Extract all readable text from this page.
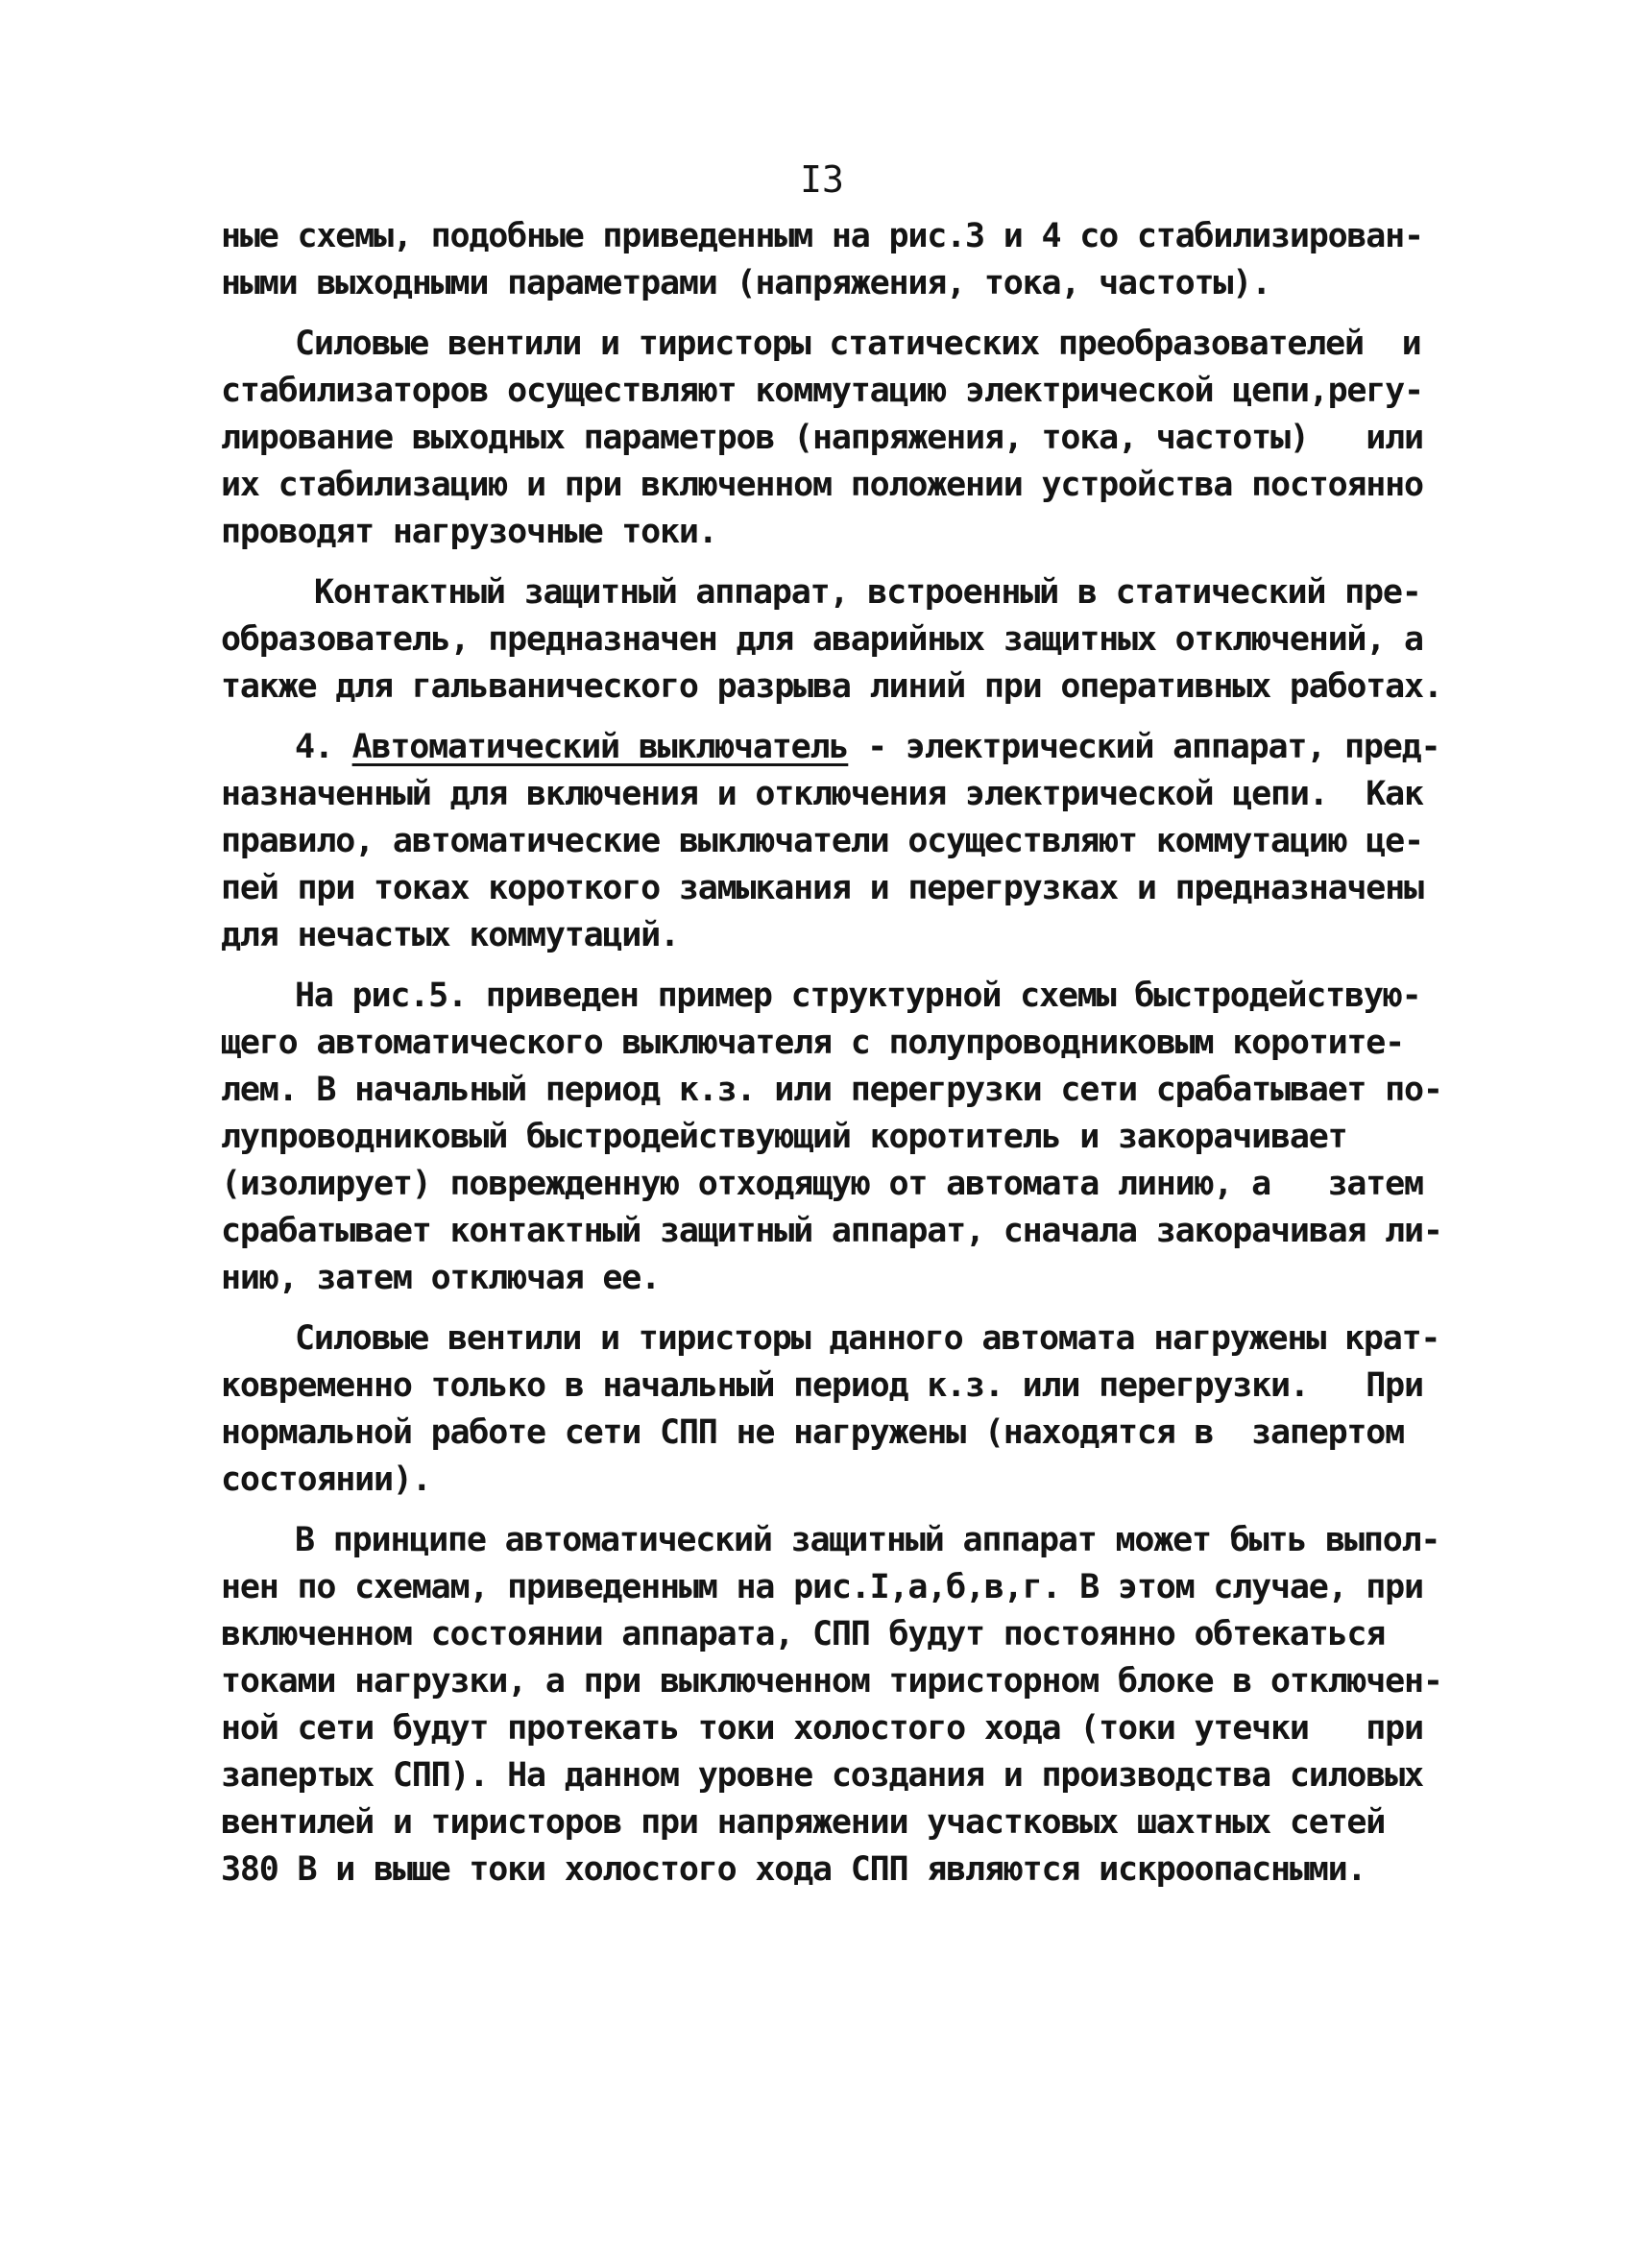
I3
ные схемы, подобные приведенным на рис.3 и 4 со стабилизирован-
ными выходными параметрами (напряжения, тока, частоты).
Силовые вентили и тиристоры статических преобразователей  и
стабилизаторов осуществляют коммутацию электрической цепи,регу-
лирование выходных параметров (напряжения, тока, частоты)   или
их стабилизацию и при включенном положении устройства постоянно
проводят нагрузочные токи.
Контактный защитный аппарат, встроенный в статический пре-
образователь, предназначен для аварийных защитных отключений, а
также для гальванического разрыва линий при оперативных работах.
4. Автоматический выключатель - электрический аппарат, пред-
назначенный для включения и отключения электрической цепи.  Как
правило, автоматические выключатели осуществляют коммутацию це-
пей при токах короткого замыкания и перегрузках и предназначены
для нечастых коммутаций.
На рис.5. приведен пример структурной схемы быстродействую-
щего автоматического выключателя с полупроводниковым коротите-
лем. В начальный период к.з. или перегрузки сети срабатывает по-
лупроводниковый быстродействующий коротитель и закорачивает
(изолирует) поврежденную отходящую от автомата линию, а   затем
срабатывает контактный защитный аппарат, сначала закорачивая ли-
нию, затем отключая ее.
Силовые вентили и тиристоры данного автомата нагружены крат-
ковременно только в начальный период к.з. или перегрузки.   При
нормальной работе сети СПП не нагружены (находятся в  запертом
состоянии).
В принципе автоматический защитный аппарат может быть выпол-
нен по схемам, приведенным на рис.I,а,б,в,г. В этом случае, при
включенном состоянии аппарата, СПП будут постоянно обтекаться
токами нагрузки, а при выключенном тиристорном блоке в отключен-
ной сети будут протекать токи холостого хода (токи утечки   при
запертых СПП). На данном уровне создания и производства силовых
вентилей и тиристоров при напряжении участковых шахтных сетей
380 В и выше токи холостого хода СПП являются искроопасными.
